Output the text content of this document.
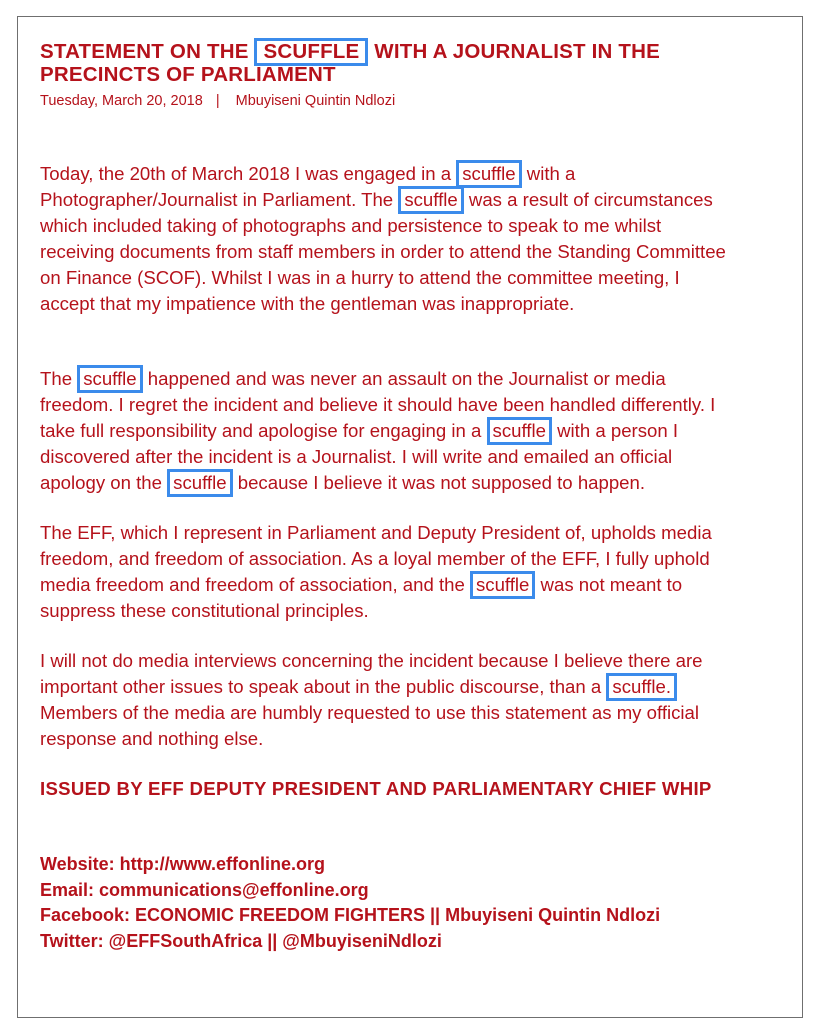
STATEMENT ON THE SCUFFLE WITH A JOURNALIST IN THE PRECINCTS OF PARLIAMENT
Tuesday, March 20, 2018 | Mbuyiseni Quintin Ndlozi
Today, the 20th of March 2018 I was engaged in a scuffle with a
Photographer/Journalist in Parliament. The scuffle was a result of circumstances
which included taking of photographs and persistence to speak to me whilst
receiving documents from staff members in order to attend the Standing Committee
on Finance (SCOF). Whilst I was in a hurry to attend the committee meeting, I
accept that my impatience with the gentleman was inappropriate.
The scuffle happened and was never an assault on the Journalist or media
freedom. I regret the incident and believe it should have been handled differently. I
take full responsibility and apologise for engaging in a scuffle with a person I
discovered after the incident is a Journalist. I will write and emailed an official
apology on the scuffle because I believe it was not supposed to happen.
The EFF, which I represent in Parliament and Deputy President of, upholds media
freedom, and freedom of association. As a loyal member of the EFF, I fully uphold
media freedom and freedom of association, and the scuffle was not meant to
suppress these constitutional principles.
I will not do media interviews concerning the incident because I believe there are
important other issues to speak about in the public discourse, than a scuffle.
Members of the media are humbly requested to use this statement as my official
response and nothing else.
ISSUED BY EFF DEPUTY PRESIDENT AND PARLIAMENTARY CHIEF WHIP
Website: http://www.effonline.org
Email: communications@effonline.org
Facebook: ECONOMIC FREEDOM FIGHTERS || Mbuyiseni Quintin Ndlozi
Twitter: @EFFSouthAfrica || @MbuyiseniNdlozi
